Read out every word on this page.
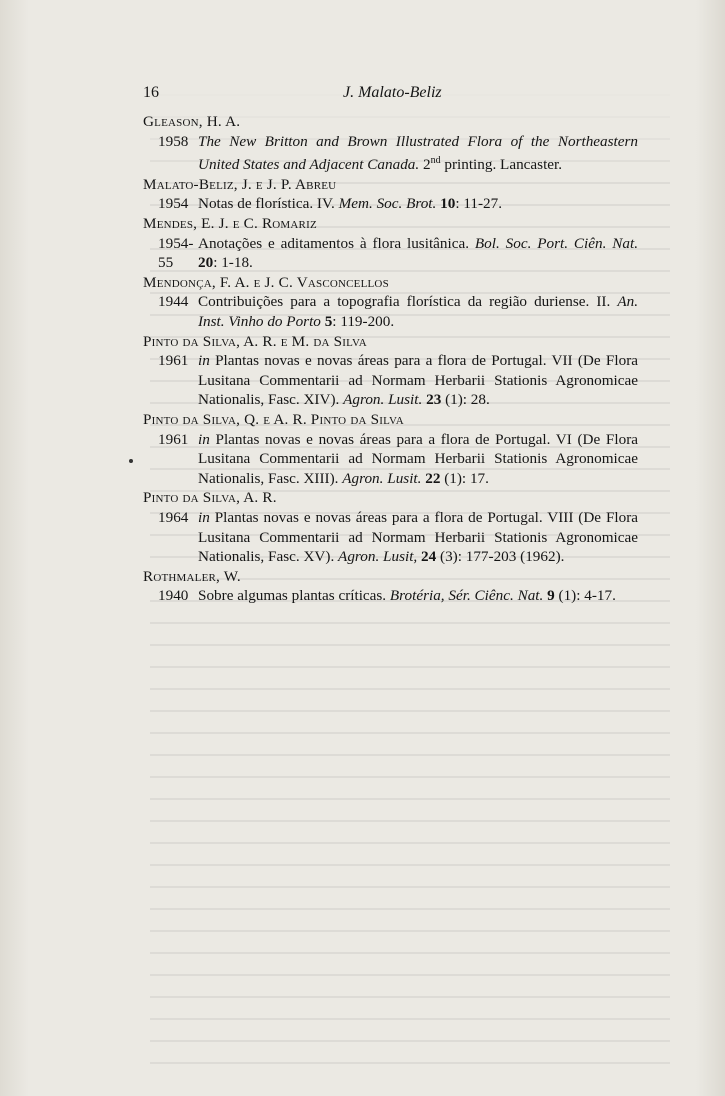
16	J. Malato-Beliz
Gleason, H. A.
1958 The New Britton and Brown Illustrated Flora of the Northeastern United States and Adjacent Canada. 2nd printing. Lancaster.
Malato-Beliz, J. e J. P. Abreu
1954 Notas de florística. IV. Mem. Soc. Brot. 10: 11-27.
Mendes, E. J. e C. Romariz
1954-55
Anotações e aditamentos à flora lusitânica. Bol. Soc. Port. Ciên. Nat. 20: 1-18.
Mendonça, F. A. e J. C. Vasconcellos
1944 Contribuições para a topografia florística da região duriense. II. An. Inst. Vinho do Porto 5: 119-200.
Pinto da Silva, A. R. e M. da Silva
1961 in Plantas novas e novas áreas para a flora de Portugal. VII (De Flora Lusitana Commentarii ad Normam Herbarii Stationis Agronomicae Nationalis, Fasc. XIV). Agron. Lusit. 23 (1): 28.
Pinto da Silva, Q. e A. R. Pinto da Silva
1961 in Plantas novas e novas áreas para a flora de Portugal. VI (De Flora Lusitana Commentarii ad Normam Herbarii Stationis Agronomicae Nationalis, Fasc. XIII). Agron. Lusit. 22 (1): 17.
Pinto da Silva, A. R.
1964 in Plantas novas e novas áreas para a flora de Portugal. VIII (De Flora Lusitana Commentarii ad Normam Herbarii Stationis Agronomicae Nationalis, Fasc. XV). Agron. Lusit, 24 (3): 177-203 (1962).
Rothmaler, W.
1940 Sobre algumas plantas críticas. Brotéria, Sér. Ciênc. Nat. 9 (1): 4-17.
